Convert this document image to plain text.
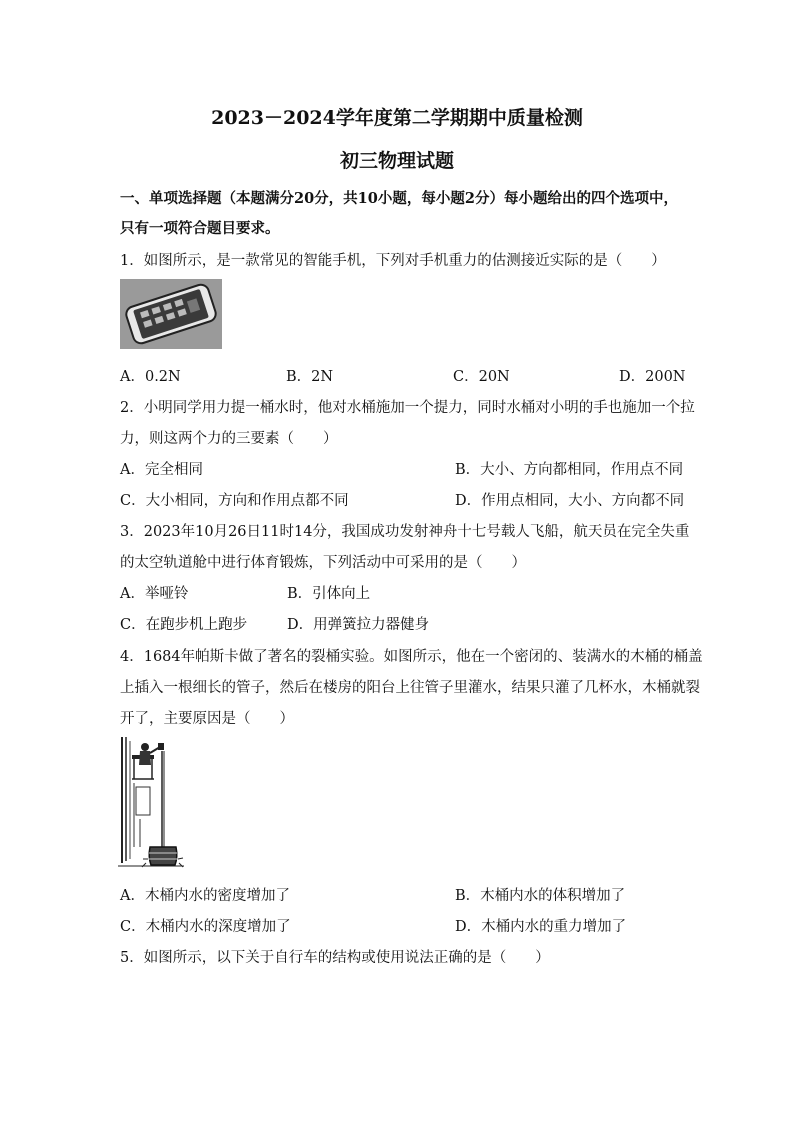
2023－2024学年度第二学期期中质量检测
初三物理试题
一、单项选择题（本题满分20分，共10小题，每小题2分）每小题给出的四个选项中，
只有一项符合题目要求。
1．如图所示，是一款常见的智能手机，下列对手机重力的估测接近实际的是（　　）
A．0.2N	B．2N	C．20N	D．200N
2．小明同学用力提一桶水时，他对水桶施加一个提力，同时水桶对小明的手也施加一个拉
力，则这两个力的三要素（　　）
A．完全相同	B．大小、方向都相同，作用点不同
C．大小相同，方向和作用点都不同	D．作用点相同，大小、方向都不同
3．2023年10月26日11时14分，我国成功发射神舟十七号载人飞船，航天员在完全失重
的太空轨道舱中进行体育锻炼，下列活动中可采用的是（　　）
A．举哑铃	B．引体向上
C．在跑步机上跑步	D．用弹簧拉力器健身
4．1684年帕斯卡做了著名的裂桶实验。如图所示，他在一个密闭的、装满水的木桶的桶盖
上插入一根细长的管子，然后在楼房的阳台上往管子里灌水，结果只灌了几杯水，木桶就裂
开了，主要原因是（　　）
A．木桶内水的密度增加了	B．木桶内水的体积增加了
C．木桶内水的深度增加了	D．木桶内水的重力增加了
5．如图所示，以下关于自行车的结构或使用说法正确的是（　　）
